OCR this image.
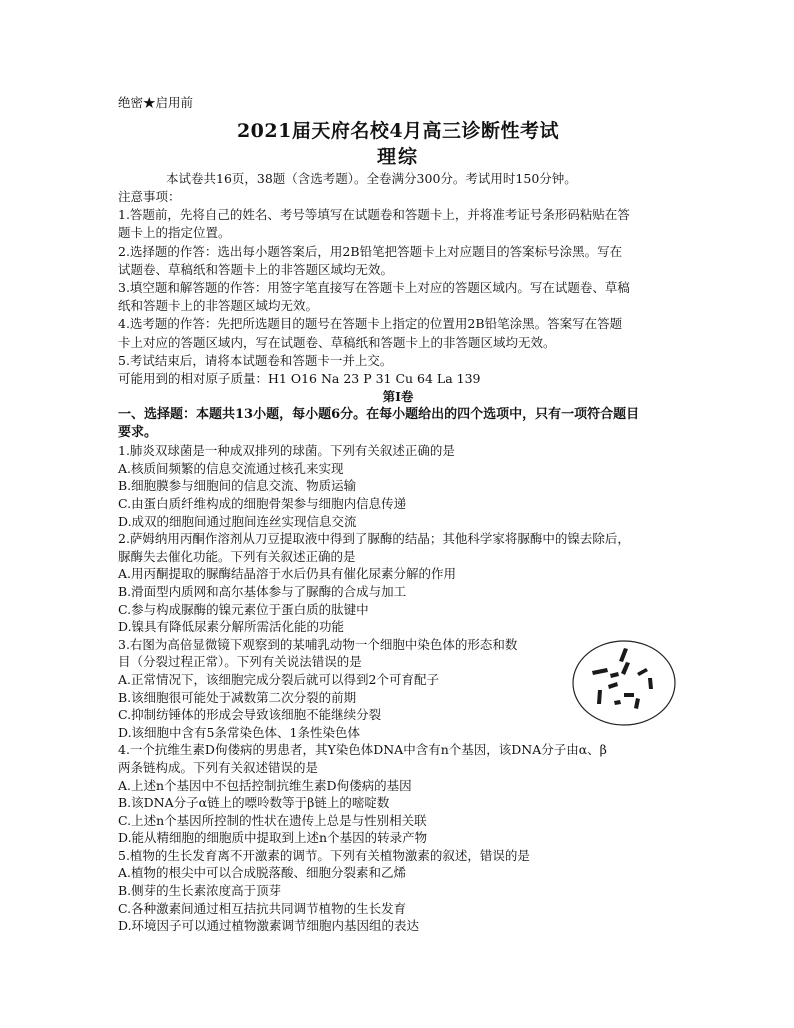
绝密★启用前
2021届天府名校4月高三诊断性考试
理综
本试卷共16页，38题（含选考题）。全卷满分300分。考试用时150分钟。
注意事项：
1.答题前，先将自己的姓名、考号等填写在试题卷和答题卡上，并将准考证号条形码粘贴在答
题卡上的指定位置。
2.选择题的作答：选出每小题答案后，用2B铅笔把答题卡上对应题目的答案标号涂黑。写在
试题卷、草稿纸和答题卡上的非答题区域均无效。
3.填空题和解答题的作答：用签字笔直接写在答题卡上对应的答题区域内。写在试题卷、草稿
纸和答题卡上的非答题区域均无效。
4.选考题的作答：先把所选题目的题号在答题卡上指定的位置用2B铅笔涂黑。答案写在答题
卡上对应的答题区域内，写在试题卷、草稿纸和答题卡上的非答题区域均无效。
5.考试结束后，请将本试题卷和答题卡一并上交。
可能用到的相对原子质量：H1 O16 Na 23 P 31 Cu 64 La 139
第Ⅰ卷
一、选择题：本题共13小题，每小题6分。在每小题给出的四个选项中，只有一项符合题目
要求。
1.肺炎双球菌是一种成双排列的球菌。下列有关叙述正确的是
A.核质间频繁的信息交流通过核孔来实现
B.细胞膜参与细胞间的信息交流、物质运输
C.由蛋白质纤维构成的细胞骨架参与细胞内信息传递
D.成双的细胞间通过胞间连丝实现信息交流
2.萨姆纳用丙酮作溶剂从刀豆提取液中得到了脲酶的结晶；其他科学家将脲酶中的镍去除后，
脲酶失去催化功能。下列有关叙述正确的是
A.用丙酮提取的脲酶结晶溶于水后仍具有催化尿素分解的作用
B.滑面型内质网和高尔基体参与了脲酶的合成与加工
C.参与构成脲酶的镍元素位于蛋白质的肽键中
D.镍具有降低尿素分解所需活化能的功能
3.右图为高倍显微镜下观察到的某哺乳动物一个细胞中染色体的形态和数
目（分裂过程正常）。下列有关说法错误的是
A.正常情况下，该细胞完成分裂后就可以得到2个可育配子
B.该细胞很可能处于减数第二次分裂的前期
C.抑制纺锤体的形成会导致该细胞不能继续分裂
D.该细胞中含有5条常染色体、1条性染色体
4.一个抗维生素D佝偻病的男患者，其Y染色体DNA中含有n个基因，该DNA分子由α、β
两条链构成。下列有关叙述错误的是
A.上述n个基因中不包括控制抗维生素D佝偻病的基因
B.该DNA分子α链上的嘌呤数等于β链上的嘧啶数
C.上述n个基因所控制的性状在遗传上总是与性别相关联
D.能从精细胞的细胞质中提取到上述n个基因的转录产物
5.植物的生长发育离不开激素的调节。下列有关植物激素的叙述，错误的是
A.植物的根尖中可以合成脱落酸、细胞分裂素和乙烯
B.侧芽的生长素浓度高于顶芽
C.各种激素间通过相互拮抗共同调节植物的生长发育
D.环境因子可以通过植物激素调节细胞内基因组的表达
